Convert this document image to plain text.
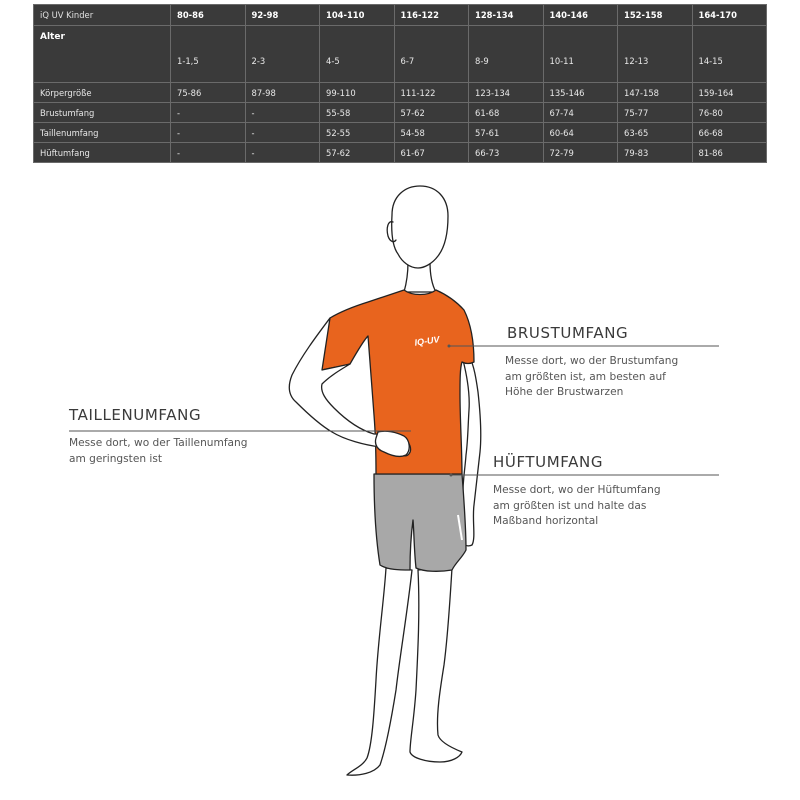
iQ UV Kinder	80-86	92-98	104-110	116-122	128-134	140-146	152-158	164-170
Alter	1-1,5	2-3	4-5	6-7	8-9	10-11	12-13	14-15
Körpergröße	75-86	87-98	99-110	111-122	123-134	135-146	147-158	159-164
Brustumfang	-	-	55-58	57-62	61-68	67-74	75-77	76-80
Taillenumfang	-	-	52-55	54-58	57-61	60-64	63-65	66-68
Hüftumfang	-	-	57-62	61-67	66-73	72-79	79-83	81-86
IQ-UV	BRUSTUMFANG

Messe dort, wo der Brustumfang
am größten ist, am besten auf
Höhe der Brustwarzen

TAILLENUMFANG

Messe dort, wo der Taillenumfang
am geringsten ist	HÜFTUMFANG

Messe dort, wo der Hüftumfang
am größten ist und halte das
Maßband horizontal
